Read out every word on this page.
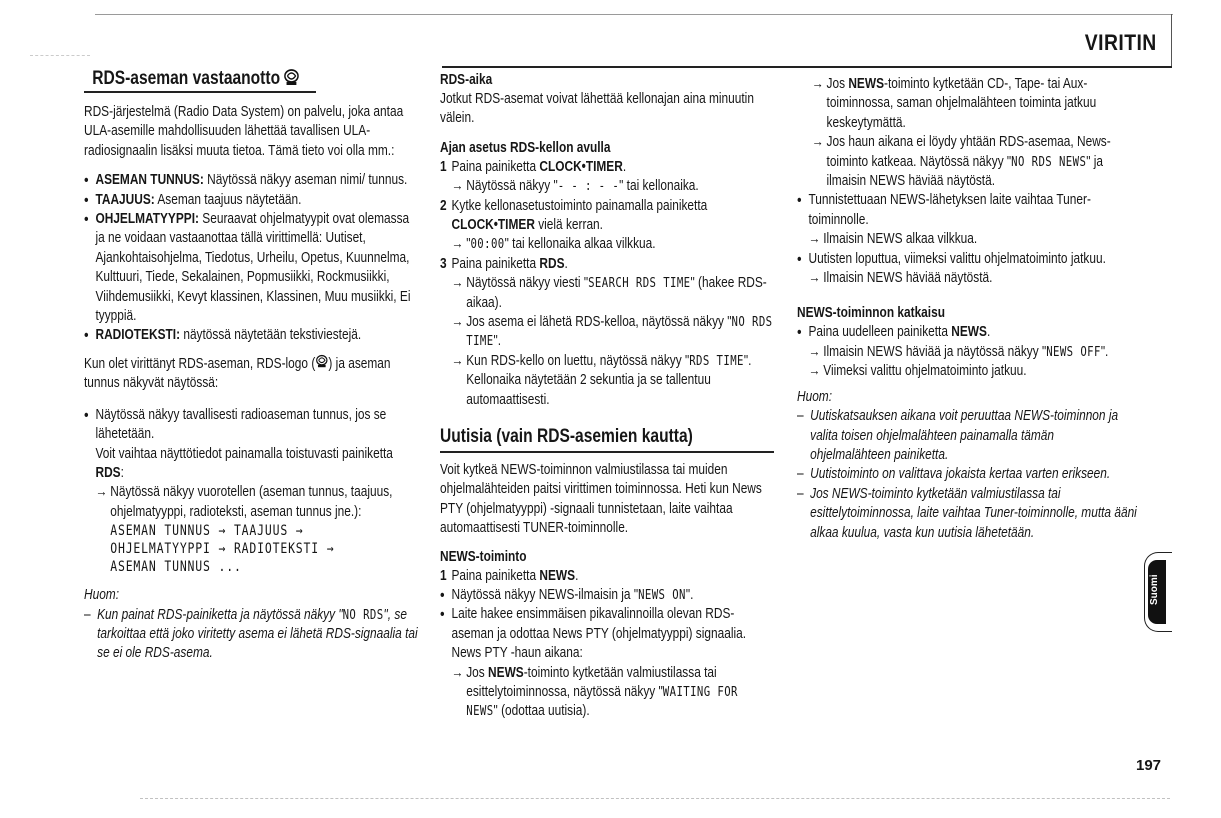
VIRITIN
RDS-aseman vastaanotto

RDS-järjestelmä (Radio Data System) on palvelu, joka antaa ULA-asemille mahdollisuuden lähettää tavallisen ULA-radiosignaalin lisäksi muuta tietoa. Tämä tieto voi olla mm.:

• ASEMAN TUNNUS: Näytössä näkyy aseman nimi/ tunnus.
• TAAJUUS: Aseman taajuus näytetään.
• OHJELMATYYPPI: Seuraavat ohjelmatyypit ovat olemassa ja ne voidaan vastaanottaa tällä virittimellä: Uutiset, Ajankohtaisohjelma, Tiedotus, Urheilu, Opetus, Kuunnelma, Kulttuuri, Tiede, Sekalainen, Popmusiikki, Rockmusiikki, Viihdemusiikki, Kevyt klassinen, Klassinen, Muu musiikki, Ei tyyppiä.
• RADIOTEKSTI: näytössä näytetään tekstiviestejä.

Kun olet virittänyt RDS-aseman, RDS-logo ( ) ja aseman tunnus näkyvät näytössä:

• Näytössä näkyy tavallisesti radioaseman tunnus, jos se lähetetään.
Voit vaihtaa näyttötiedot painamalla toistuvasti painiketta RDS:
→ Näytössä näkyy vuorotellen (aseman tunnus, taajuus, ohjelmatyyppi, radioteksti, aseman tunnus jne.):
ASEMAN TUNNUS → TAAJUUS →
OHJELMATYYPPI → RADIOTEKSTI →
ASEMAN TUNNUS ...

Huom:

– Kun painat RDS-painiketta ja näytössä näkyy "NO RDS", se tarkoittaa että joko viritetty asema ei lähetä RDS-signaalia tai se ei ole RDS-asema.

RDS-aika

Jotkut RDS-asemat voivat lähettää kellonajan aina minuutin välein.

Ajan asetus RDS-kellon avulla

1 Paina painiketta CLOCK•TIMER.
→ Näytössä näkyy "- - : - -" tai kellonaika.
2 Kytke kellonasetustoiminto painamalla painiketta CLOCK•TIMER vielä kerran.
→ "00:00" tai kellonaika alkaa vilkkua.
3 Paina painiketta RDS.
→ Näytössä näkyy viesti "SEARCH RDS TIME" (hakee RDS-aikaa).
→ Jos asema ei lähetä RDS-kelloa, näytössä näkyy "NO RDS TIME".
→ Kun RDS-kello on luettu, näytössä näkyy "RDS TIME". Kellonaika näytetään 2 sekuntia ja se tallentuu automaattisesti.

Uutisia (vain RDS-asemien kautta)

Voit kytkeä NEWS-toiminnon valmiustilassa tai muiden ohjelmalähteiden paitsi virittimen toiminnossa. Heti kun News PTY (ohjelmatyyppi) -signaali tunnistetaan, laite vaihtaa automaattisesti TUNER-toiminnolle.

NEWS-toiminto

1 Paina painiketta NEWS.
• Näytössä näkyy NEWS-ilmaisin ja "NEWS ON".
• Laite hakee ensimmäisen pikavalinnoilla olevan RDS-aseman ja odottaa News PTY (ohjelmatyyppi) signaalia. News PTY -haun aikana:
→ Jos NEWS-toiminto kytketään valmiustilassa tai esittelytoiminnossa, näytössä näkyy "WAITING FOR NEWS" (odottaa uutisia).
→ Jos NEWS-toiminto kytketään CD-, Tape- tai Aux-toiminnossa, saman ohjelmalähteen toiminta jatkuu keskeytymättä.
→ Jos haun aikana ei löydy yhtään RDS-asemaa, News-toiminto katkeaa. Näytössä näkyy "NO RDS NEWS" ja ilmaisin NEWS häviää näytöstä.
• Tunnistettuaan NEWS-lähetyksen laite vaihtaa Tuner-toiminnolle.
→ Ilmaisin NEWS alkaa vilkkua.
• Uutisten loputtua, viimeksi valittu ohjelmatoiminto jatkuu.
→ Ilmaisin NEWS häviää näytöstä.

NEWS-toiminnon katkaisu

• Paina uudelleen painiketta NEWS.
→ Ilmaisin NEWS häviää ja näytössä näkyy "NEWS OFF".
→ Viimeksi valittu ohjelmatoiminto jatkuu.

Huom:

– Uutiskatsauksen aikana voit peruuttaa NEWS-toiminnon ja valita toisen ohjelmalähteen painamalla tämän ohjelmalähteen painiketta.

– Uutistoiminto on valittava jokaista kertaa varten erikseen.

– Jos NEWS-toiminto kytketään valmiustilassa tai esittelytoiminnossa, laite vaihtaa Tuner-toiminnolle, mutta ääni alkaa kuulua, vasta kun uutisia lähetetään.

Suomi
197
